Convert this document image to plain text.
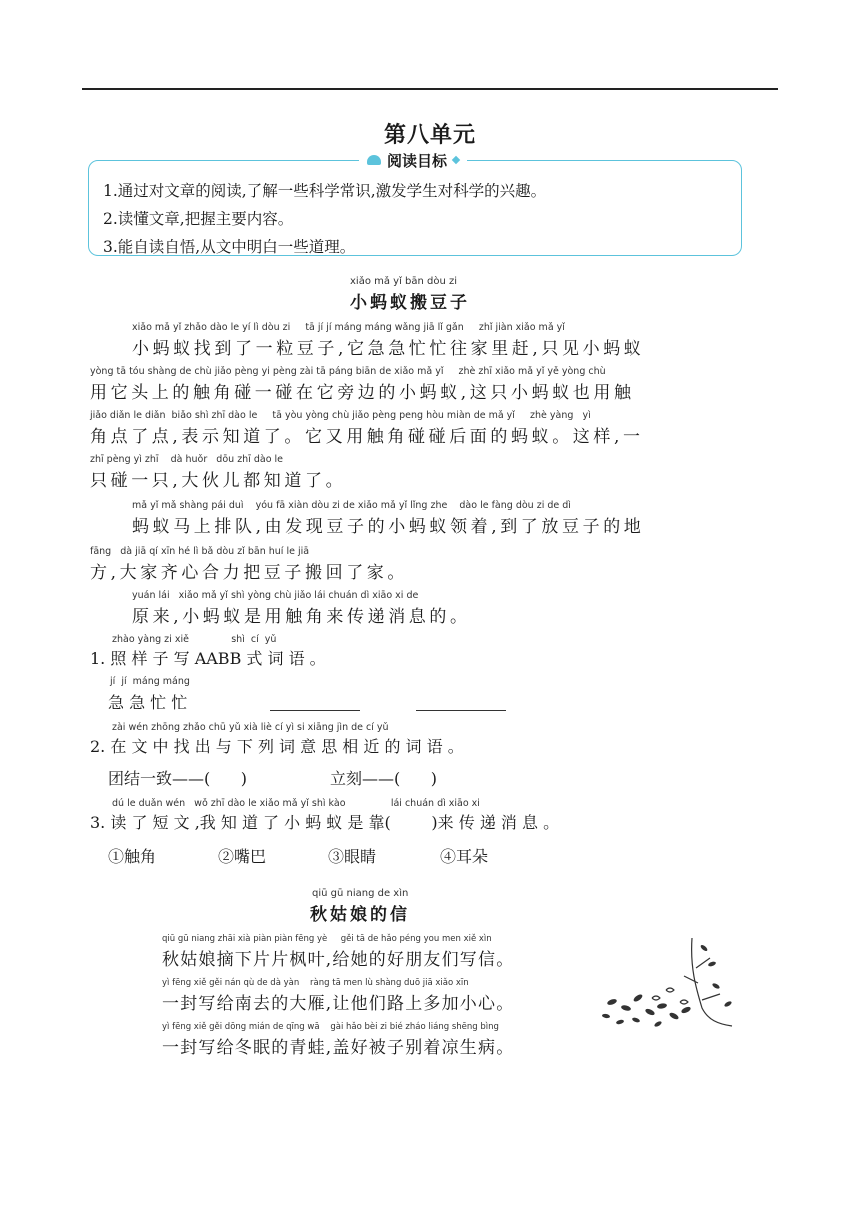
第八单元
阅读目标
1.通过对文章的阅读,了解一些科学常识,激发学生对科学的兴趣。
2.读懂文章,把握主要内容。
3.能自读自悟,从文中明白一些道理。
xiǎo mǎ yǐ bān dòu zi
小蚂蚁搬豆子
xiǎo mǎ yǐ zhǎo dào le yí lì dòu zi     tā jí jí máng máng wǎng jiā lǐ gǎn     zhǐ jiàn xiǎo mǎ yǐ
小蚂蚁找到了一粒豆子,它急急忙忙往家里赶,只见小蚂蚁
yòng tā tóu shàng de chù jiǎo pèng yi pèng zài tā páng biān de xiǎo mǎ yǐ     zhè zhī xiǎo mǎ yǐ yě yòng chù
用它头上的触角碰一碰在它旁边的小蚂蚁,这只小蚂蚁也用触
jiǎo diǎn le diǎn  biǎo shì zhī dào le     tā yòu yòng chù jiǎo pèng peng hòu miàn de mǎ yǐ     zhè yàng   yì
角点了点,表示知道了。它又用触角碰碰后面的蚂蚁。这样,一
zhī pèng yì zhī    dà huǒr   dōu zhī dào le
只碰一只,大伙儿都知道了。
mǎ yǐ mǎ shàng pái duì    yóu fā xiàn dòu zi de xiǎo mǎ yǐ lǐng zhe    dào le fàng dòu zi de dì
蚂蚁马上排队,由发现豆子的小蚂蚁领着,到了放豆子的地
fāng   dà jiā qí xīn hé lì bǎ dòu zǐ bān huí le jiā
方,大家齐心合力把豆子搬回了家。
yuán lái   xiǎo mǎ yǐ shì yòng chù jiǎo lái chuán dì xiāo xi de
原来,小蚂蚁是用触角来传递消息的。
zhào yàng zi xiě              shì  cí  yǔ
1. 照 样 子 写 AABB 式 词 语 。
jí  jí  máng máng
急 急 忙 忙
zài wén zhōng zhǎo chū yǔ xià liè cí yì si xiāng jìn de cí yǔ
2. 在 文 中 找 出 与 下 列 词 意 思 相 近 的 词 语 。
团结一致——(      )	立刻——(      )
dú le duǎn wén   wǒ zhī dào le xiǎo mǎ yǐ shì kào               lái chuán dì xiāo xi
3. 读 了 短 文 ,我 知 道 了 小 蚂 蚁 是 靠(        )来 传 递 消 息 。
①触角	②嘴巴	③眼睛	④耳朵
qiū gū niang de xìn
秋姑娘的信
qiū gū niang zhāi xià piàn piàn fēng yè     gěi tā de hǎo péng you men xiě xìn
秋姑娘摘下片片枫叶,给她的好朋友们写信。
yì fēng xiě gěi nán qù de dà yàn    ràng tā men lù shàng duō jiā xiǎo xīn
一封写给南去的大雁,让他们路上多加小心。
yì fēng xiě gěi dōng mián de qīng wā    gài hǎo bèi zi bié zháo liáng shēng bìng
一封写给冬眠的青蛙,盖好被子别着凉生病。
